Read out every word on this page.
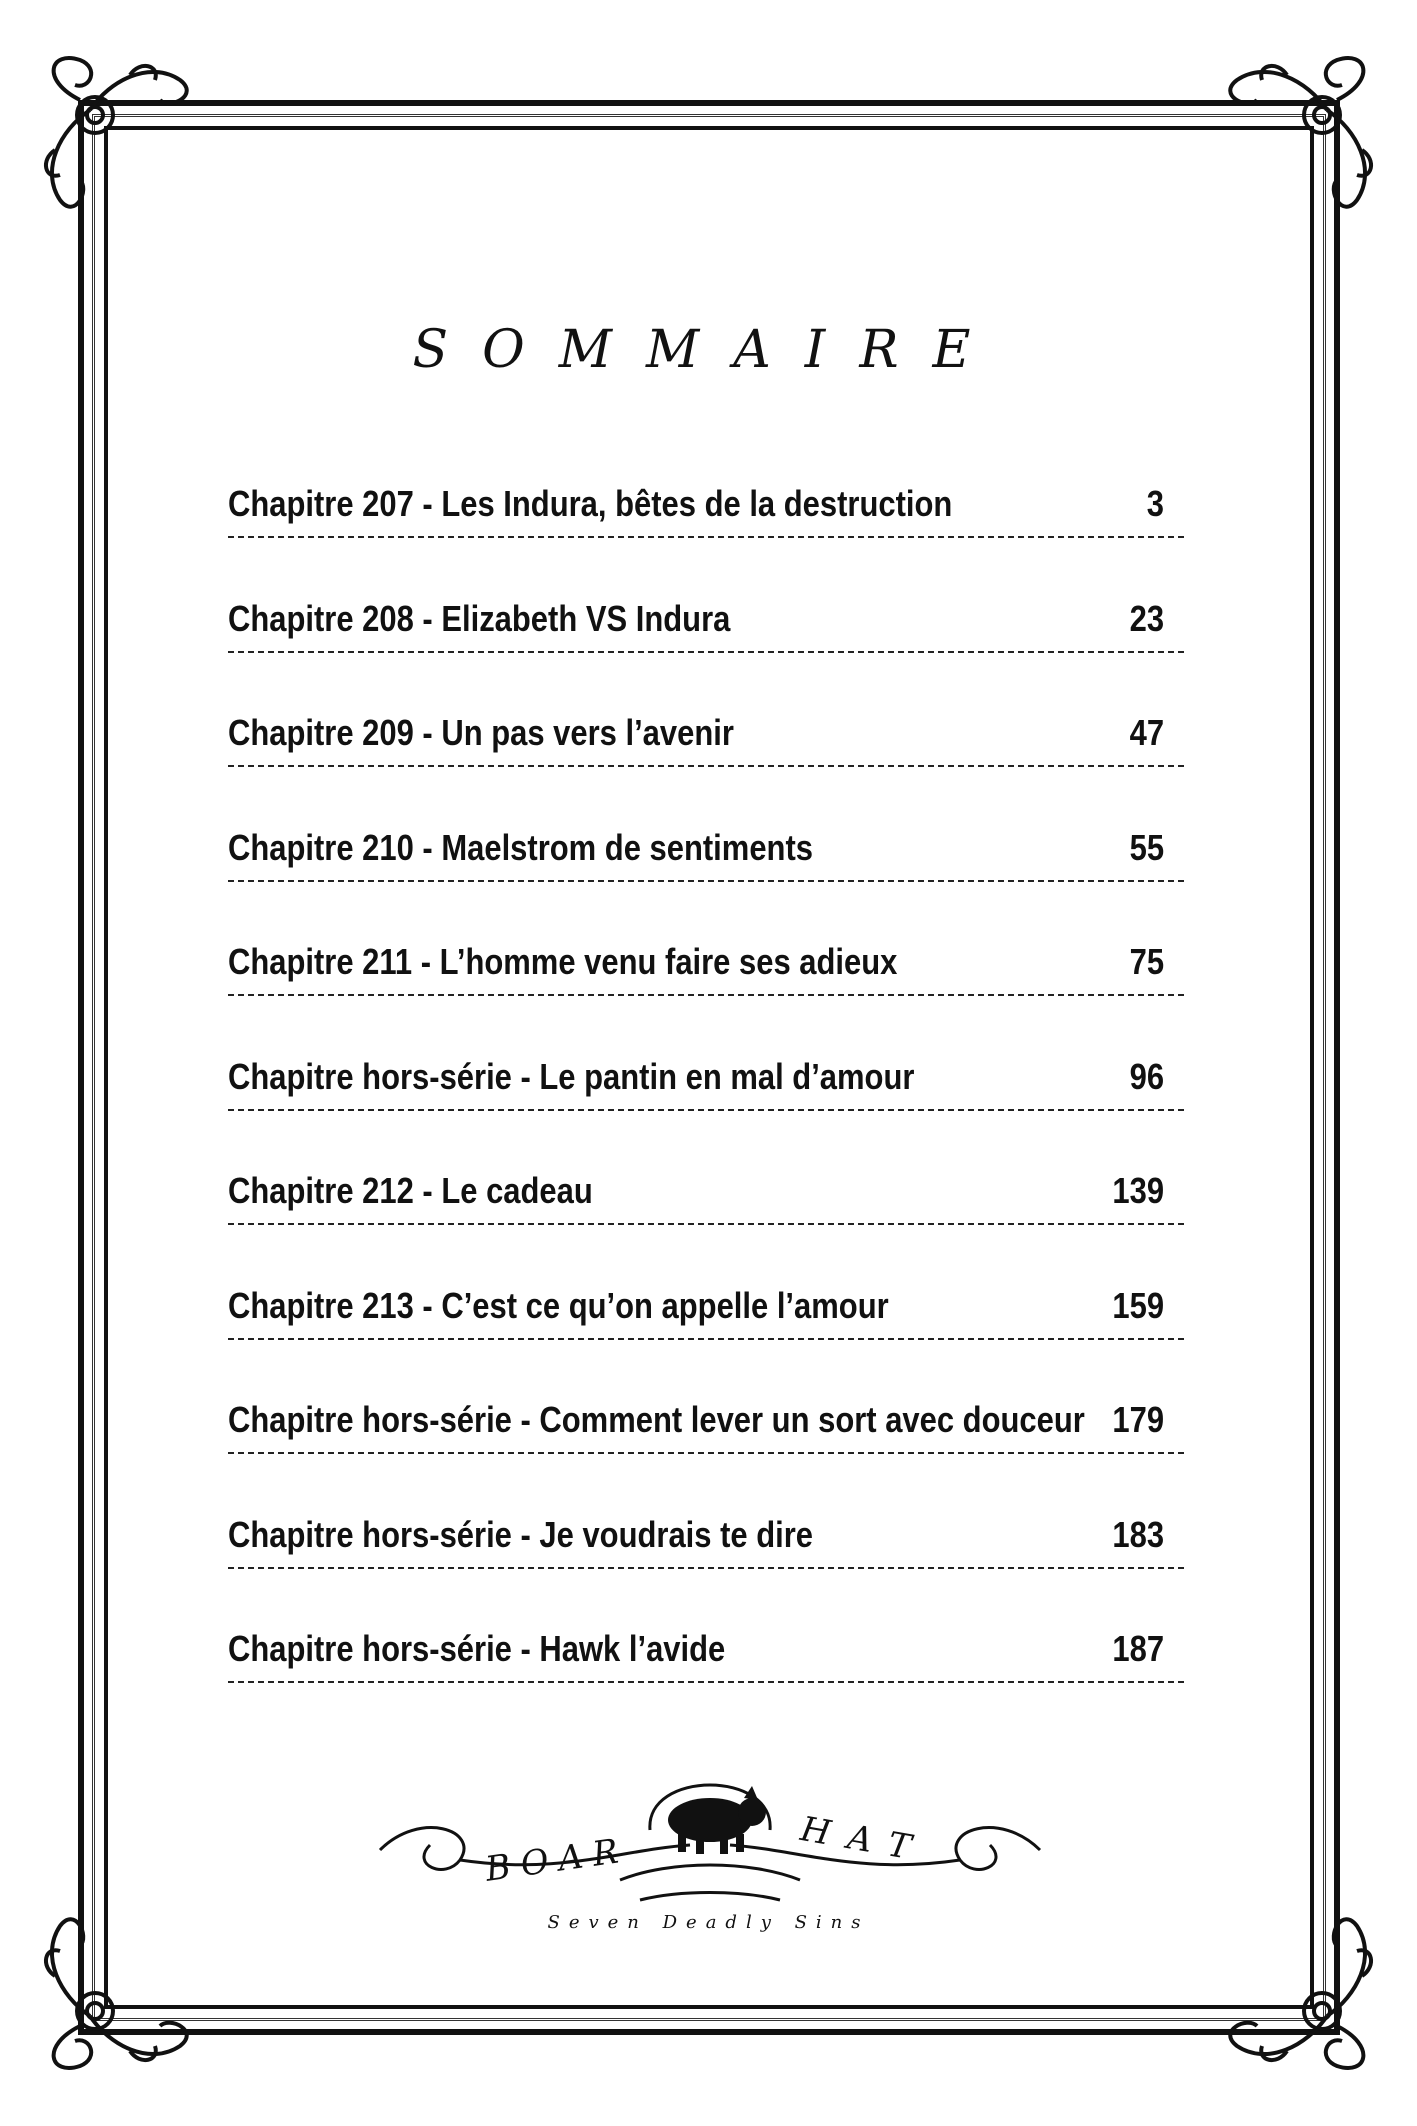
SOMMAIRE
Chapitre 207 - Les Indura, bêtes de la destruction	3
Chapitre 208 - Elizabeth VS Indura	23
Chapitre 209 - Un pas vers l’avenir	47
Chapitre 210 - Maelstrom de sentiments	55
Chapitre 211 - L’homme venu faire ses adieux	75
Chapitre hors-série - Le pantin en mal d’amour	96
Chapitre 212 - Le cadeau	139
Chapitre 213 - C’est ce qu’on appelle l’amour	159
Chapitre hors-série - Comment lever un sort avec douceur 179
Chapitre hors-série - Je voudrais te dire	183
Chapitre hors-série - Hawk l’avide	187
BOAR	HAT
Seven Deadly Sins
